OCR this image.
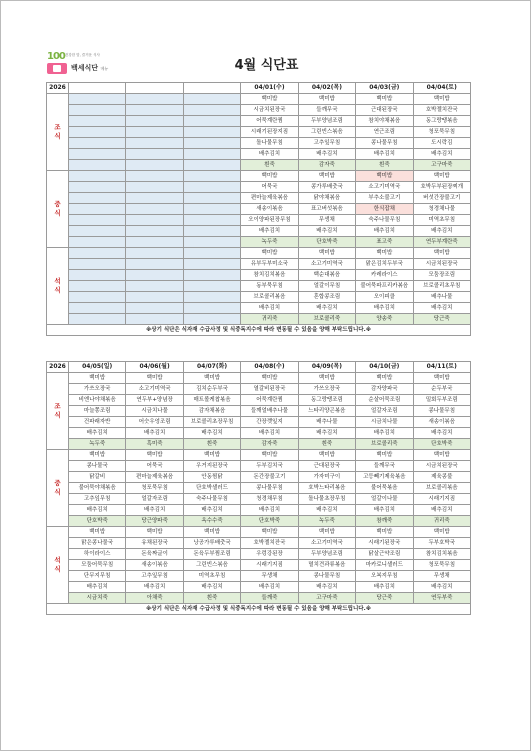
100 건강한 맛, 즐거운 식사
백세식단 메뉴	4월 식단표
2026				04/01(수)	04/02(목)	04/03(금)	04/04(토)

조
식				백미밥	백미밥	백미밥	백미밥
				시금치된장국	들깨무국	근대된장국	호박젤치잔국
				어묵계란찜	두부양념조림	참치야채볶음	동그랑땡볶음
				시래기된장지짐	그린빈스볶음	연근조림	청포묵무침
				돌나물무침	고추잎무침	콩나물무침	도시락김
				배추김치	배추김치	배추김치	배추김치
				흰죽	감자죽	흰죽	고구마죽

중
식				백미밥	백미밥	백미밥	백미밥
				어묵국	콩가루배춧국	소고기미역국	호박두부된장찌개
				편마늘제육볶음	닭야채볶음	부추소불고기	버섯간장불고기
				새송이볶음	표고버섯볶음	한식잡채	청경채나물
				오이양파된장무침	무생채	숙주나물무침	미역초무침
				배추김치	배추김치	배추김치	배추김치
				녹두죽	단호박죽	표고죽	연두부계란죽

석
식				백미밥	백미밥	백미밥	백미밥
				유부두부미소국	소고기미역국	맑은김치두부국	시금치된장국
				참치김치볶음	백순대볶음	카레라이스	모둠장조림
				동부묵무침	얼갈이무침	불어묵파프리카볶음	브로콜리초무침
				브로콜리볶음	혼합콩조림	오이피클	배추나물
				배추김치	배추김치	배추김치	배추김치
				귀리죽	브로콜리죽	양송죽	당근죽
※상기 식단은 식자재 수급사정 및 식중독지수에 따라 변동될 수 있음을 양해 부탁드립니다.※							
2026	04/05(일)	04/06(월)	04/07(화)	04/08(수)	04/09(목)	04/10(금)	04/11(토)

조
식	백미밥	백미밥	백미밥	백미밥	백미밥	백미밥	백미밥
	가쓰오장국	소고기미역국	김치순두부국	열갈비된장국	가쓰오장국	감자양파국	순두부국
	비엔나야채볶음	연두부+양념장	매트볼케찹볶음	어묵계란찜	동그랑땡조림	순살어묵조림	밀회두부조림
	마늘쫑조림	시금치나물	감자채볶음	들깨얼배추나물	느타리양곤볶음	얼갈자조림	콩나물무침
	건파래자반	어슷우엉조림	브로콜리초장무침	간장깻잎지	배추나물	시금치나물	새송이볶음
	배추김치	배추김치	배추김치	배추김치	배추김치	배추김치	배추김치
	녹두죽	흑미죽	흰죽	감자죽	흰죽	브로콜리죽	단호박죽

중
식	백미밥	백미밥	백미밥	백미밥	백미밥	백미밥	백미밥
	콩나물국	어묵국	우거지된장국	두부김치국	근대된장국	들깨무국	시금치된장국
	닭갈비	편마늘제육볶음	안동찜닭	돈간장불고기	가자미구이	고등빼기제육볶음	제육콩불
	불어묵야채볶음	청포묵무침	단호박샐러드	콩나물무침	호박느타리볶음	불어묵볶음	브로콜리볶음
	고추잎무침	얼갈자조림	숙주나물무침	청경채무침	돌나물초장무침	얼갈이나물	시래기지짐
	배추김치	배추김치	배추김치	배추김치	배추김치	배추김치	배추김치
	단호박죽	당근양파죽	옥수수죽	단호박죽	녹두죽	참깨죽	귀리죽

석
식	백미밥	백미밥	백미밥	백미밥	백미밥	백미밥	백미밥
	맑은콩나물국	유채된장국	낭공가루배춧국	호박젤치잔국	소고기미역국	시래기된장국	두부호박국
	하이라이스	돈육짜글이	돈육두부찜조림	우렁강된장	두부양념조림	닭살근약조림	참치김치볶음
	모둠어묵무침	새송이볶음	그린빈스볶음	시래기지짐	멸치견과류볶음	마카로니샐러드	청포묵무침
	단무지무침	고추잎무침	미역초무침	무생채	콩나물무침	오복지무침	무생채
	배추김치	배추김치	배추김치	배추김치	배추김치	배추김치	배추김치
	시금치죽	아채죽	흰죽	들깨죽	고구마죽	당근죽	연두부죽
※상기 식단은 식자재 수급사정 및 식중독지수에 따라 변동될 수 있음을 양해 부탁드립니다.※							
